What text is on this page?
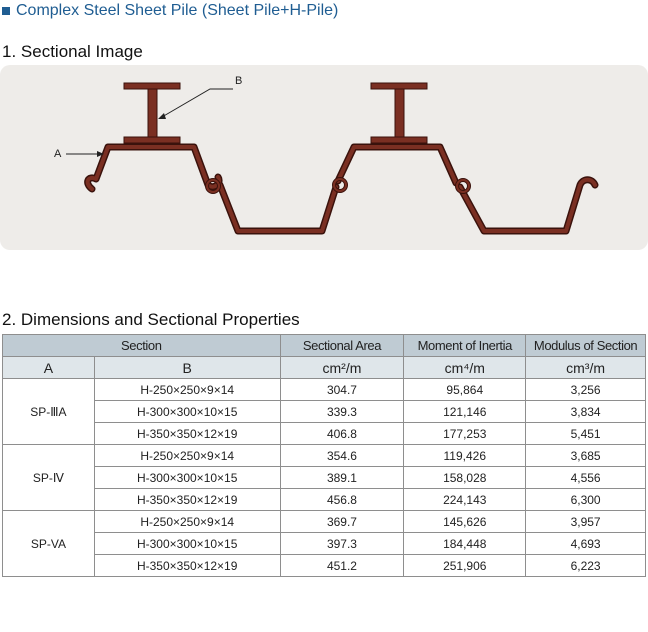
Complex Steel Sheet Pile (Sheet Pile+H-Pile)
1. Sectional Image
A
B
2. Dimensions and Sectional Properties
Section		Sectional Area	Moment of Inertia	Modulus of Section
A	B	cm²/m	cm⁴/m	cm³/m
SP-ⅢA	H-250×250×9×14	304.7	95,864	3,256
	H-300×300×10×15	339.3	121,146	3,834
	H-350×350×12×19	406.8	177,253	5,451
SP-Ⅳ	H-250×250×9×14	354.6	119,426	3,685
	H-300×300×10×15	389.1	158,028	4,556
	H-350×350×12×19	456.8	224,143	6,300
SP-VA	H-250×250×9×14	369.7	145,626	3,957
	H-300×300×10×15	397.3	184,448	4,693
	H-350×350×12×19	451.2	251,906	6,223
